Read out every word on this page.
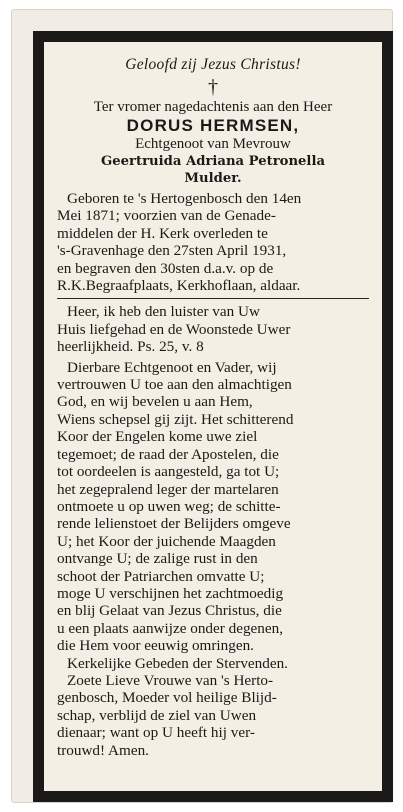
Geloofd zij Jezus Christus!
†
Ter vromer nagedachtenis aan den Heer
DORUS HERMSEN,
Echtgenoot van Mevrouw
Geertruida Adriana Petronella
Mulder.
Geboren te 's Hertogenbosch den 14en
Mei 1871; voorzien van de Genade-
middelen der H. Kerk overleden te
's-Gravenhage den 27sten April 1931,
en begraven den 30sten d.a.v. op de
R.K.Begraafplaats, Kerkhoflaan, aldaar.
Heer, ik heb den luister van Uw
Huis liefgehad en de Woonstede Uwer
heerlijkheid. Ps. 25, v. 8
Dierbare Echtgenoot en Vader, wij
vertrouwen U toe aan den almachtigen
God, en wij bevelen u aan Hem,
Wiens schepsel gij zijt. Het schitterend
Koor der Engelen kome uwe ziel
tegemoet; de raad der Apostelen, die
tot oordeelen is aangesteld, ga tot U;
het zegepralend leger der martelaren
ontmoete u op uwen weg; de schitte-
rende lelienstoet der Belijders omgeve
U; het Koor der juichende Maagden
ontvange U; de zalige rust in den
schoot der Patriarchen omvatte U;
moge U verschijnen het zachtmoedig
en blij Gelaat van Jezus Christus, die
u een plaats aanwijze onder degenen,
die Hem voor eeuwig omringen.
Kerkelijke Gebeden der Stervenden.
Zoete Lieve Vrouwe van 's Herto-
genbosch, Moeder vol heilige Blijd-
schap, verblijd de ziel van Uwen
dienaar; want op U heeft hij ver-
trouwd! Amen.
